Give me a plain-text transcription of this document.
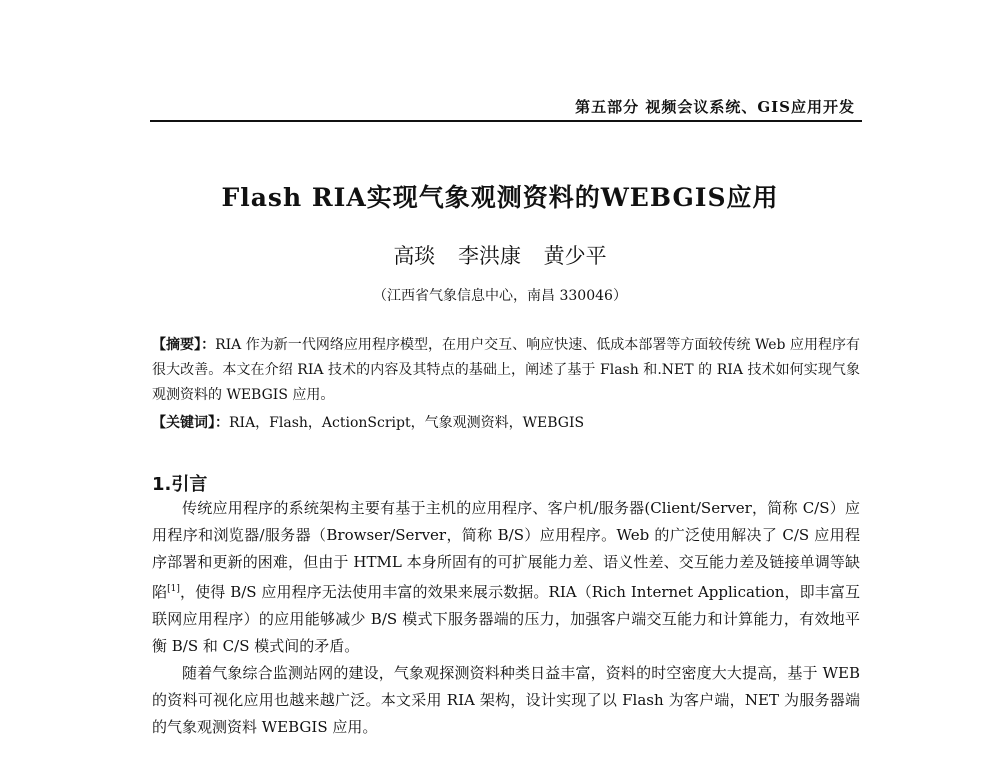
第五部分 视频会议系统、GIS应用开发
Flash RIA实现气象观测资料的WEBGIS应用
高琰 李洪康 黄少平
（江西省气象信息中心，南昌 330046）
【摘要】：RIA 作为新一代网络应用程序模型，在用户交互、响应快速、低成本部署等方面较传统 Web 应用程序有很大改善。本文在介绍 RIA 技术的内容及其特点的基础上，阐述了基于 Flash 和.NET 的 RIA 技术如何实现气象观测资料的 WEBGIS 应用。
【关键词】：RIA，Flash，ActionScript，气象观测资料，WEBGIS
1.引言

传统应用程序的系统架构主要有基于主机的应用程序、客户机/服务器(Client/Server，简称 C/S）应用程序和浏览器/服务器（Browser/Server，简称 B/S）应用程序。Web 的广泛使用解决了 C/S 应用程序部署和更新的困难，但由于 HTML 本身所固有的可扩展能力差、语义性差、交互能力差及链接单调等缺陷[1]，使得 B/S 应用程序无法使用丰富的效果来展示数据。RIA（Rich Internet Application，即丰富互联网应用程序）的应用能够减少 B/S 模式下服务器端的压力，加强客户端交互能力和计算能力，有效地平衡 B/S 和 C/S 模式间的矛盾。

随着气象综合监测站网的建设，气象观探测资料种类日益丰富，资料的时空密度大大提高，基于 WEB 的资料可视化应用也越来越广泛。本文采用 RIA 架构，设计实现了以 Flash 为客户端，NET 为服务器端的气象观测资料 WEBGIS 应用。
